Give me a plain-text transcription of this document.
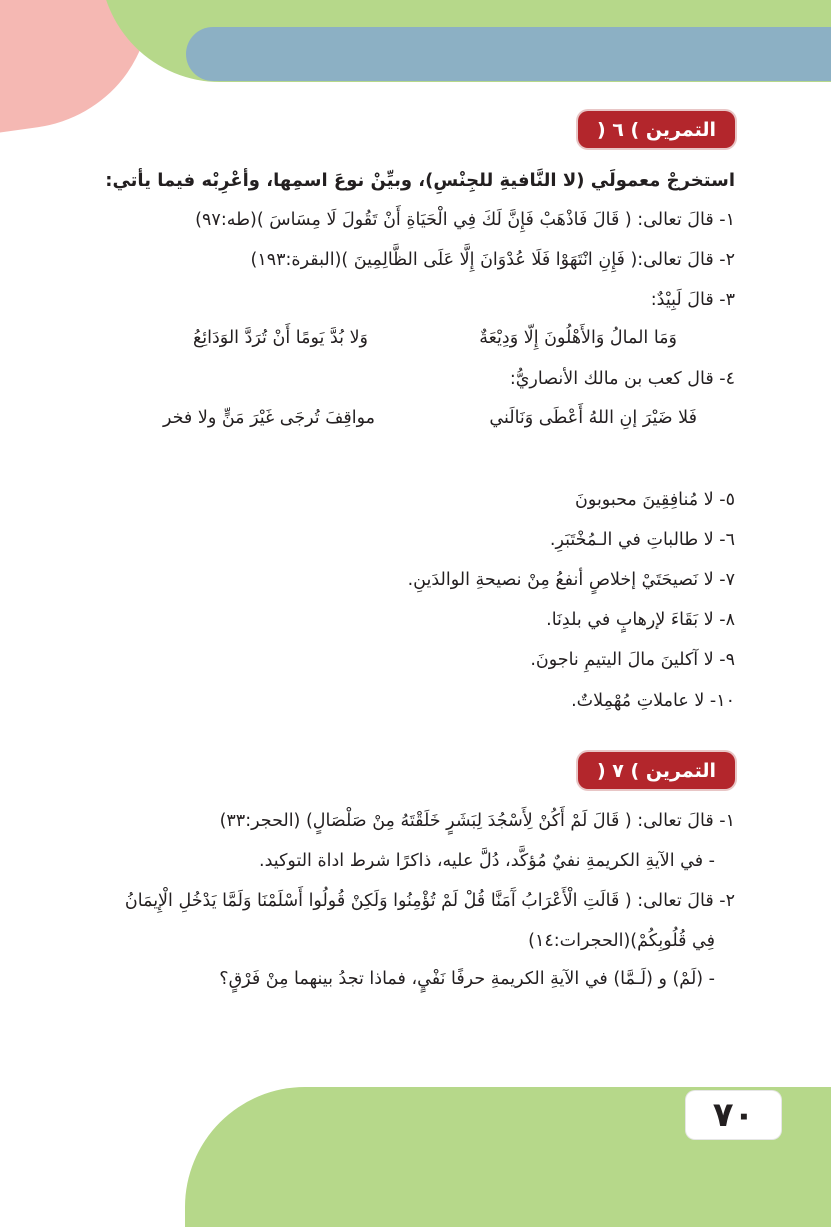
التمرين ) ٦ (
استخرجْ معمولَي (لا النَّافيةِ للجِنْسِ)، وبيِّنْ نوعَ اسمِها، وأعْرِبْه فيما يأتي:
١- قالَ تعالى: ( قَالَ فَاذْهَبْ فَإِنَّ لَكَ فِي الْحَيَاةِ أَنْ تَقُولَ لَا مِسَاسَ )(طه:٩٧)
٢- قالَ تعالى:( فَإِنِ انْتَهَوْا فَلَا عُدْوَانَ إِلَّا عَلَى الظَّالِمِينَ )(البقرة:١٩٣)
٣- قالَ لَبِيْدٌ:
وَمَا المالُ وَالأَهْلُونَ إِلّا وَدِيْعَةٌ
وَلا بُدَّ يَومًا أَنْ تُرَدَّ الوَدَائِعُ
٤- قال كعب بن مالك الأنصاريُّ:
فَلا ضَيْرَ إنِ اللهُ أَعْطَى وَنَالَني
مواقِفَ تُرجَى غَيْرَ مَنٍّ ولا فخر
٥- لا مُنافِقِينَ محبوبونَ
٦- لا طالباتِ في الـمُخْتَبَرِ.
٧- لا نَصيحَتَيْ إخلاصٍ أنفعُ مِنْ نصيحةِ الوالدَينِ.
٨- لا بَقَاءَ لإرهابٍ في بلدِنَا.
٩- لا آكلينَ مالَ اليتيمِ ناجونَ.
١٠- لا عاملاتِ مُهْمِلاتٌ.
التمرين ) ٧ (
١- قالَ تعالى: ( قَالَ لَمْ أَكُنْ لِأَسْجُدَ لِبَشَرٍ خَلَقْتَهُ مِنْ صَلْصَالٍ) (الحجر:٣٣)
- في الآيةِ الكريمةِ نفيٌ مُؤكَّد، دُلَّ عليه، ذاكرًا شرط اداة التوكيد.
٢- قالَ تعالى: ( قَالَتِ الْأَعْرَابُ آَمَنَّا قُلْ لَمْ تُؤْمِنُوا وَلَكِنْ قُولُوا أَسْلَمْنَا وَلَمَّا يَدْخُلِ الْإِيمَانُ
فِي قُلُوبِكُمْ)(الحجرات:١٤)
- (لَمْ) و (لَـمَّا) في الآيةِ الكريمةِ حرفًا نَفْيٍ، فماذا تجدُ بينهما مِنْ فَرْقٍ؟
٧٠
